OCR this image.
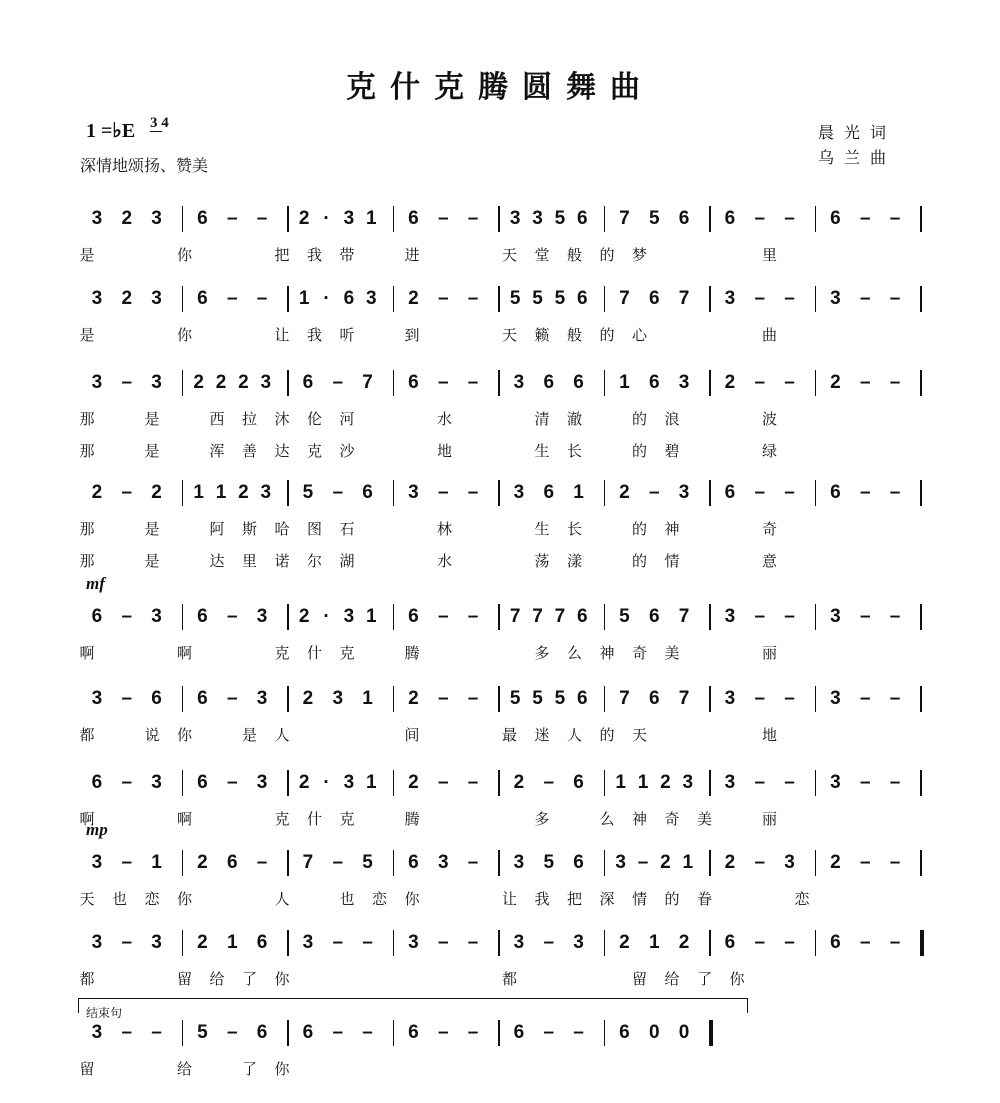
克什克腾圆舞曲
1 =♭E 3 4
深情地颂扬、赞美
晨光词
乌兰曲
3 2 3 6 – – 2 · 3 1 6 – – 3 3 5 6 7 5 6 6 – – 6 – –
是	你	把 我 带	进	天 堂 般 的 梦	里
3 2 3 6 – – 1 · 6 3 2 – – 5 5 5 6 7 6 7 3 – – 3 – –
是	你	让 我 听	到	天 籁 般 的 心	曲
3 – 3 2 2 2 3 6 – 7 6 – – 3 6 6 1 6 3 2 – – 2 – –
那	是	西 拉 沐 伦 河	水	清 澈	的 浪	波
那	是	浑 善 达 克 沙	地	生 长	的 碧	绿
2 – 2 1 1 2 3 5 – 6 3 – – 3 6 1 2 – 3 6 – – 6 – –
那	是	阿 斯 哈 图 石	林	生 长	的 神	奇
那	是	达 里 诺 尔 湖	水	荡 漾	的 情	意
6 – 3 6 – 3 2 · 3 1 6 – – 7 7 7 6 5 6 7 3 – – 3 – –
啊	啊	克 什 克	腾	多 么 神 奇 美	丽
mf
3 – 6 6 – 3 2 3 1 2 – – 5 5 5 6 7 6 7 3 – – 3 – –
都	说 你	是 人	间	最 迷 人 的 天	地
6 – 3 6 – 3 2 · 3 1 2 – – 2 – 6 1 1 2 3 3 – – 3 – –
啊	啊	克 什 克	腾	多	么 神 奇 美	丽
3 – 1 2 6 – 7 – 5 6 3 – 3 5 6 3 – 2 1 2 – 3 2 – –
天 也 恋 你	人	也 恋 你	让 我 把 深 情 的 眷	恋
mp
3 – 3 2 1 6 3 – – 3 – – 3 – 3 2 1 2 6 – – 6 – –
都	留 给 了 你	都	留 给 了 你
3 – – 5 – 6 6 – – 6 – – 6 – – 6 0 0
留	给	了 你
结束句
